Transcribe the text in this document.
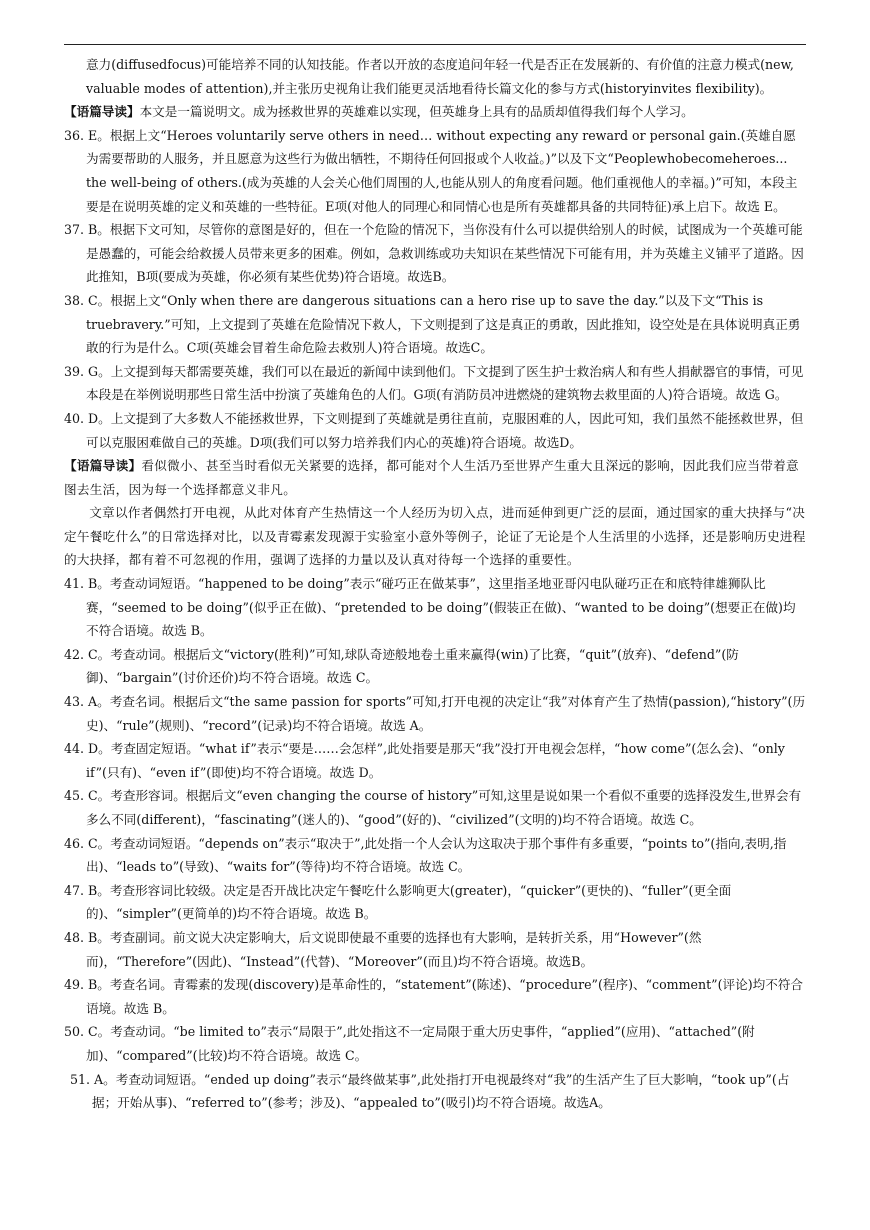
意力(diffusedfocus)可能培养不同的认知技能。作者以开放的态度追问年轻一代是否正在发展新的、有价值的注意力模式(new, valuable modes of attention),并主张历史视角让我们能更灵活地看待长篇文化的参与方式(historyinvites flexibility)。

【语篇导读】本文是一篇说明文。成为拯救世界的英雄难以实现，但英雄身上具有的品质却值得我们每个人学习。

36. E。根据上文“Heroes voluntarily serve others in need… without expecting any reward or personal gain.(英雄自愿为需要帮助的人服务，并且愿意为这些行为做出牺牲，不期待任何回报或个人收益。)”以及下文“Peoplewhobecomeheroes... the well-being of others.(成为英雄的人会关心他们周围的人,也能从别人的角度看问题。他们重视他人的幸福。)”可知，本段主要是在说明英雄的定义和英雄的一些特征。E项(对他人的同理心和同情心也是所有英雄都具备的共同特征)承上启下。故选 E。

37. B。根据下文可知，尽管你的意图是好的，但在一个危险的情况下，当你没有什么可以提供给别人的时候，试图成为一个英雄可能是愚蠢的，可能会给救援人员带来更多的困难。例如，急救训练或功夫知识在某些情况下可能有用，并为英雄主义铺平了道路。因此推知，B项(要成为英雄，你必须有某些优势)符合语境。故选B。

38. C。根据上文“Only when there are dangerous situations can a hero rise up to save the day.”以及下文“This is truebravery.”可知，上文提到了英雄在危险情况下救人，下文则提到了这是真正的勇敢，因此推知，设空处是在具体说明真正勇敢的行为是什么。C项(英雄会冒着生命危险去救别人)符合语境。故选C。

39. G。上文提到每天都需要英雄，我们可以在最近的新闻中读到他们。下文提到了医生护士救治病人和有些人捐献器官的事情，可见本段是在举例说明那些日常生活中扮演了英雄角色的人们。G项(有消防员冲进燃烧的建筑物去救里面的人)符合语境。故选 G。

40. D。上文提到了大多数人不能拯救世界，下文则提到了英雄就是勇往直前，克服困难的人，因此可知，我们虽然不能拯救世界，但可以克服困难做自己的英雄。D项(我们可以努力培养我们内心的英雄)符合语境。故选D。

【语篇导读】看似微小、甚至当时看似无关紧要的选择，都可能对个人生活乃至世界产生重大且深远的影响，因此我们应当带着意图去生活，因为每一个选择都意义非凡。

文章以作者偶然打开电视，从此对体育产生热情这一个人经历为切入点，进而延伸到更广泛的层面，通过国家的重大抉择与“决定午餐吃什么”的日常选择对比，以及青霉素发现源于实验室小意外等例子，论证了无论是个人生活里的小选择，还是影响历史进程的大抉择，都有着不可忽视的作用，强调了选择的力量以及认真对待每一个选择的重要性。

41. B。考查动词短语。“happened to be doing”表示“碰巧正在做某事”，这里指圣地亚哥闪电队碰巧正在和底特律雄狮队比赛，“seemed to be doing”(似乎正在做)、“pretended to be doing”(假装正在做)、“wanted to be doing”(想要正在做)均不符合语境。故选 B。

42. C。考查动词。根据后文“victory(胜利)”可知,球队奇迹般地卷土重来赢得(win)了比赛，“quit”(放弃)、“defend”(防御)、“bargain”(讨价还价)均不符合语境。故选 C。

43. A。考查名词。根据后文“the same passion for sports”可知,打开电视的决定让“我”对体育产生了热情(passion),“history”(历史)、“rule”(规则)、“record”(记录)均不符合语境。故选 A。

44. D。考查固定短语。“what if”表示“要是……会怎样”,此处指要是那天“我”没打开电视会怎样，“how come”(怎么会)、“only if”(只有)、“even if”(即使)均不符合语境。故选 D。

45. C。考查形容词。根据后文“even changing the course of history”可知,这里是说如果一个看似不重要的选择没发生,世界会有多么不同(different)，“fascinating”(迷人的)、“good”(好的)、“civilized”(文明的)均不符合语境。故选 C。

46. C。考查动词短语。“depends on”表示“取决于”,此处指一个人会认为这取决于那个事件有多重要，“points to”(指向,表明,指出)、“leads to”(导致)、“waits for”(等待)均不符合语境。故选 C。

47. B。考查形容词比较级。决定是否开战比决定午餐吃什么影响更大(greater)，“quicker”(更快的)、“fuller”(更全面的)、“simpler”(更简单的)均不符合语境。故选 B。

48. B。考查副词。前文说大决定影响大，后文说即使最不重要的选择也有大影响，是转折关系，用“However”(然而)，“Therefore”(因此)、“Instead”(代替)、“Moreover”(而且)均不符合语境。故选B。

49. B。考查名词。青霉素的发现(discovery)是革命性的，“statement”(陈述)、“procedure”(程序)、“comment”(评论)均不符合语境。故选 B。

50. C。考查动词。“be limited to”表示“局限于”,此处指这不一定局限于重大历史事件，“applied”(应用)、“attached”(附加)、“compared”(比较)均不符合语境。故选 C。

51. A。考查动词短语。“ended up doing”表示“最终做某事”,此处指打开电视最终对“我”的生活产生了巨大影响，“took up”(占据；开始从事)、“referred to”(参考；涉及)、“appealed to”(吸引)均不符合语境。故选A。
